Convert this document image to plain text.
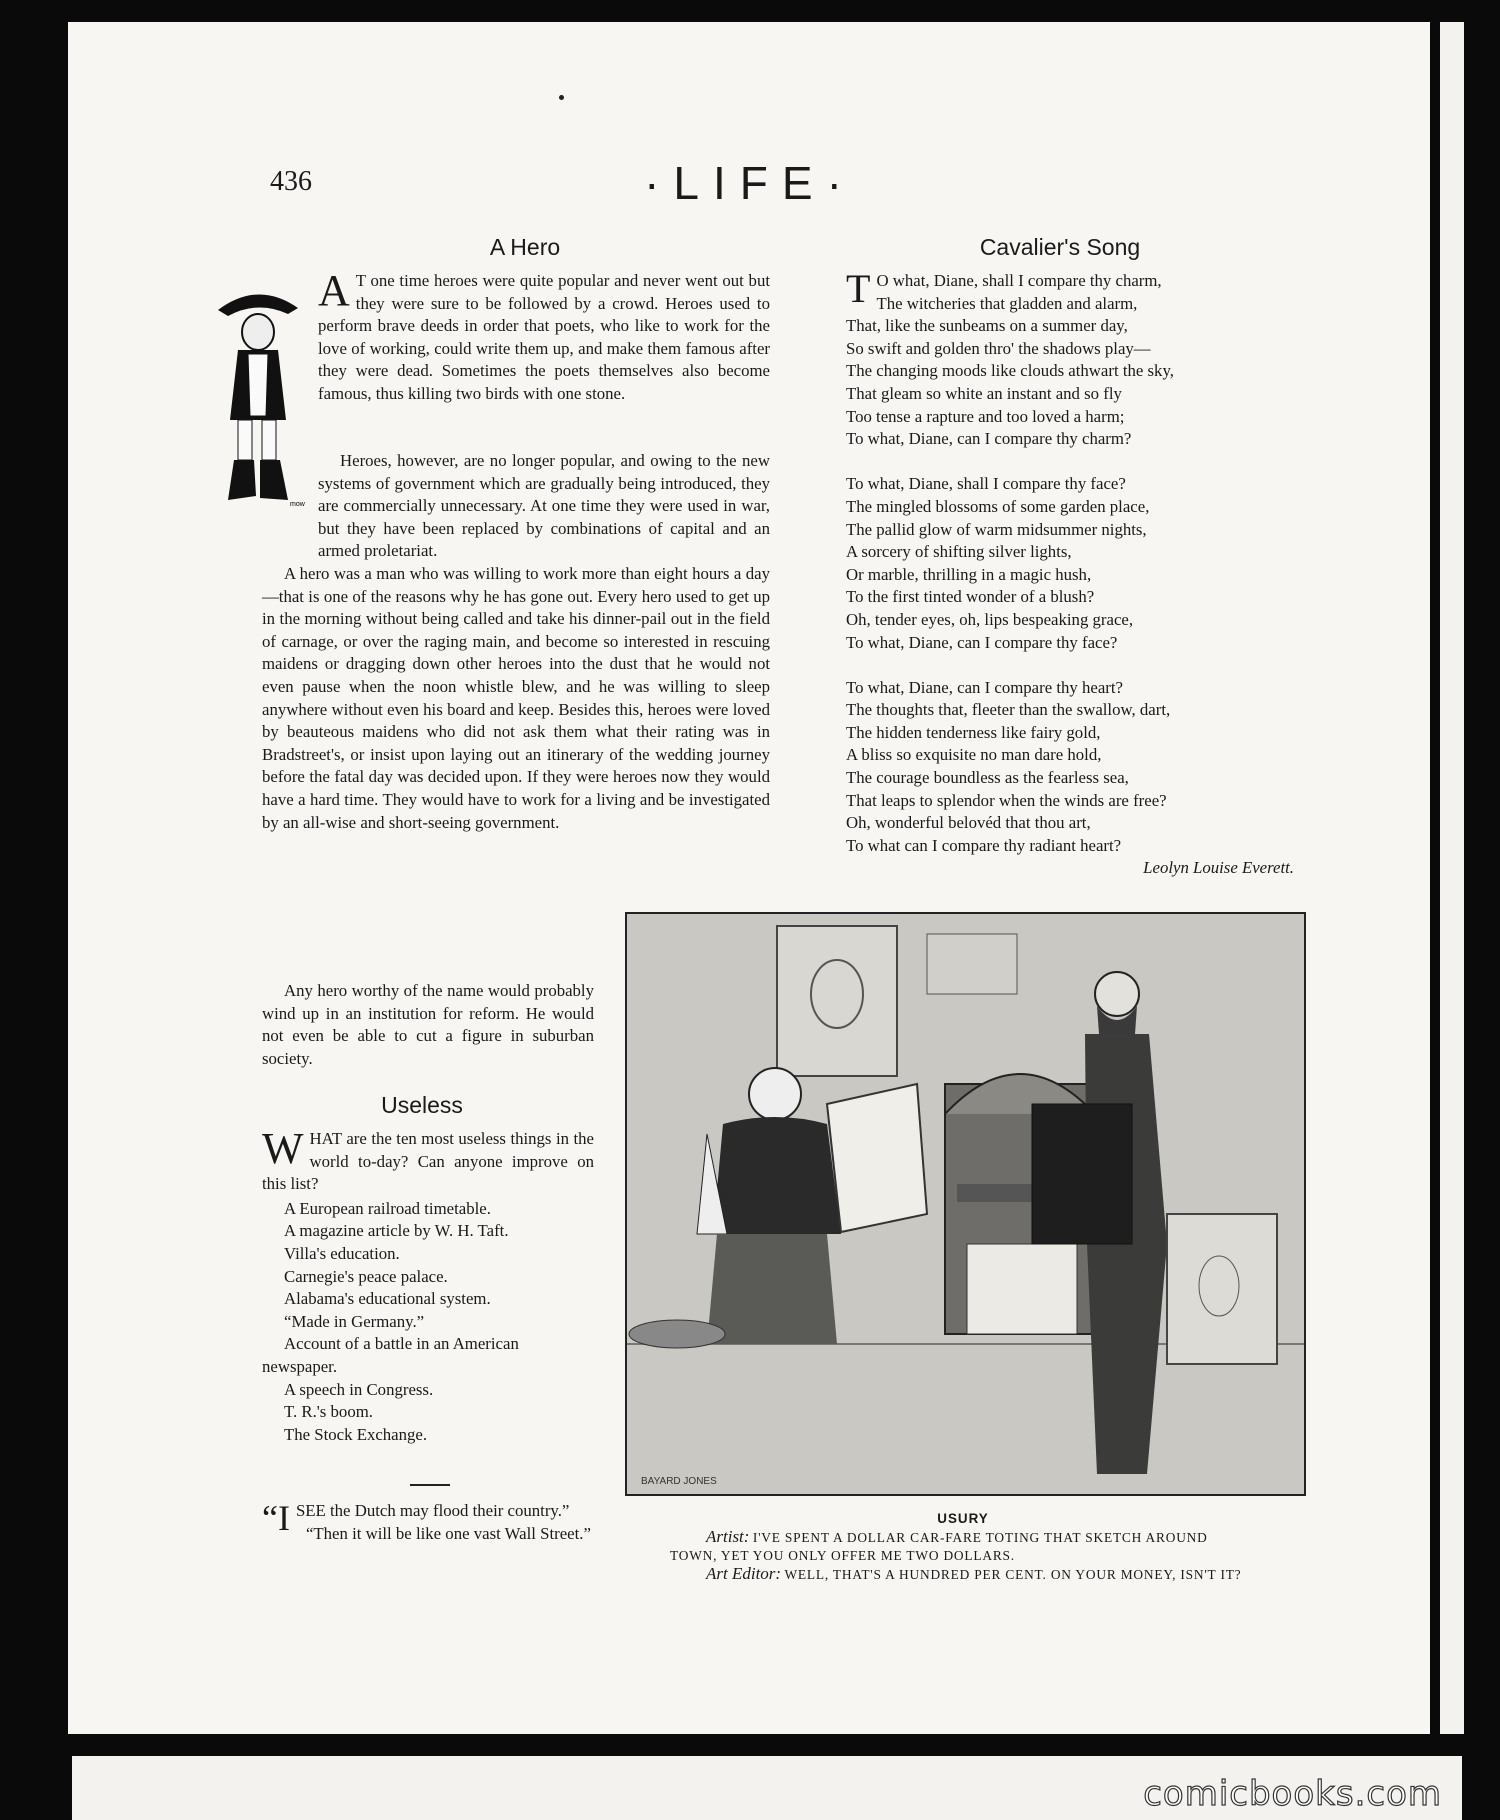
comicbooks.com
436	·LIFE·
A Hero
mow

A T one time heroes were quite popular and never went out but they were sure to be followed by a crowd. Heroes used to perform brave deeds in order that poets, who like to work for the love of working, could write them up, and make them famous after they were dead. Sometimes the poets themselves also become famous, thus killing two birds with one stone.

Heroes, however, are no longer popular, and owing to the new systems of government which are gradually being introduced, they are commercially unnecessary. At one time they were used in war, but they have been replaced by combinations of capital and an armed proletariat.

A hero was a man who was willing to work more than eight hours a day—that is one of the reasons why he has gone out. Every hero used to get up in the morning without being called and take his dinner-pail out in the field of carnage, or over the raging main, and become so interested in rescuing maidens or dragging down other heroes into the dust that he would not even pause when the noon whistle blew, and he was willing to sleep anywhere without even his board and keep. Besides this, heroes were loved by beauteous maidens who did not ask them what their rating was in Bradstreet's, or insist upon laying out an itinerary of the wedding journey before the fatal day was decided upon. If they were heroes now they would have a hard time. They would have to work for a living and be investigated by an all-wise and short-seeing government.

Any hero worthy of the name would probably wind up in an institution for reform. He would not even be able to cut a figure in suburban society.

Useless

WHAT are the ten most useless things in the world to-day? Can anyone improve on this list?

A European railroad timetable.
A magazine article by W. H. Taft.
Villa's education.
Carnegie's peace palace.
Alabama's educational system.
“Made in Germany.”
Account of a battle in an American newspaper.
A speech in Congress.
T. R.'s boom.
The Stock Exchange.

“ISEE the Dutch may flood their country.”

“Then it will be like one vast Wall Street.”

Cavalier's Song
T O what, Diane, shall I compare thy charm,
The witcheries that gladden and alarm,
That, like the sunbeams on a summer day,
So swift and golden thro' the shadows play—
The changing moods like clouds athwart the sky,
That gleam so white an instant and so fly
Too tense a rapture and too loved a harm;
To what, Diane, can I compare thy charm?
To what, Diane, shall I compare thy face?
The mingled blossoms of some garden place,
The pallid glow of warm midsummer nights,
A sorcery of shifting silver lights,
Or marble, thrilling in a magic hush,
To the first tinted wonder of a blush?
Oh, tender eyes, oh, lips bespeaking grace,
To what, Diane, can I compare thy face?
To what, Diane, can I compare thy heart?
The thoughts that, fleeter than the swallow, dart,
The hidden tenderness like fairy gold,
A bliss so exquisite no man dare hold,
The courage boundless as the fearless sea,
That leaps to splendor when the winds are free?
Oh, wonderful belovéd that thou art,
To what can I compare thy radiant heart?
Leolyn Louise Everett.
BAYARD JONES
USURY
Artist: I'VE SPENT A DOLLAR CAR-FARE TOTING THAT SKETCH AROUND TOWN, YET YOU ONLY OFFER ME TWO DOLLARS.
Art Editor: WELL, THAT'S A HUNDRED PER CENT. ON YOUR MONEY, ISN'T IT?
